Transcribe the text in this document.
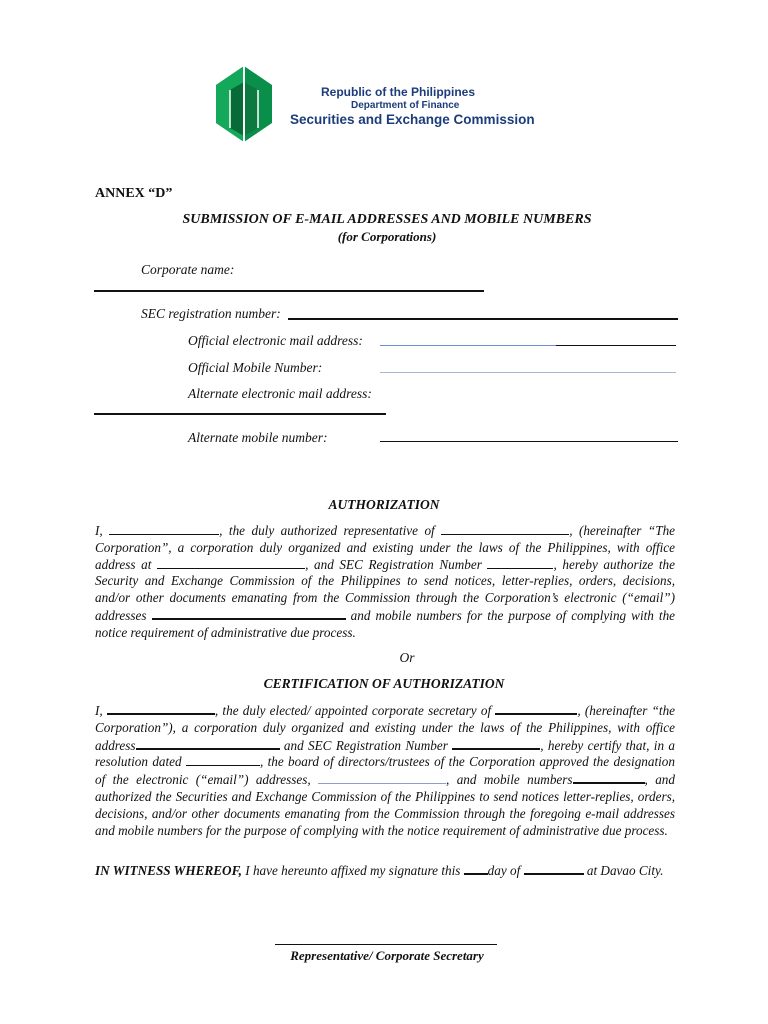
Republic of the Philippines
Department of Finance
Securities and Exchange Commission
ANNEX “D”
SUBMISSION OF E-MAIL ADDRESSES AND MOBILE NUMBERS
(for Corporations)
Corporate name:
SEC registration number:
Official electronic mail address:
Official Mobile Number:
Alternate electronic mail address:
Alternate mobile number:
AUTHORIZATION

I,	, the duly authorized representative of	, (hereinafter “The Corporation”, a corporation duly organized and existing under the laws of the Philippines, with office address at	, and SEC Registration Number	, hereby authorize the Security and Exchange Commission of the Philippines to send notices, letter-replies, orders, decisions, and/or other documents emanating from the Commission through the Corporation’s electronic (“email”) addresses	and mobile numbers for the purpose of complying with the notice requirement of administrative due process.

Or
CERTIFICATION OF AUTHORIZATION

I,	, the duly elected/ appointed corporate secretary of	, (hereinafter “the Corporation”), a corporation duly organized and existing under the laws of the Philippines, with office address	and SEC Registration Number	, hereby certify that, in a resolution dated	, the board of directors/trustees of the Corporation approved the designation of the electronic (“email”) addresses,	, and mobile numbers	, and authorized the Securities and Exchange Commission of the Philippines to send notices letter-replies, orders, decisions, and/or other documents emanating from the Commission through the foregoing e-mail addresses and mobile numbers for the purpose of complying with the notice requirement of administrative due process.

IN WITNESS WHEREOF, I have hereunto affixed my signature this day of	at Davao City.

Representative/ Corporate Secretary
